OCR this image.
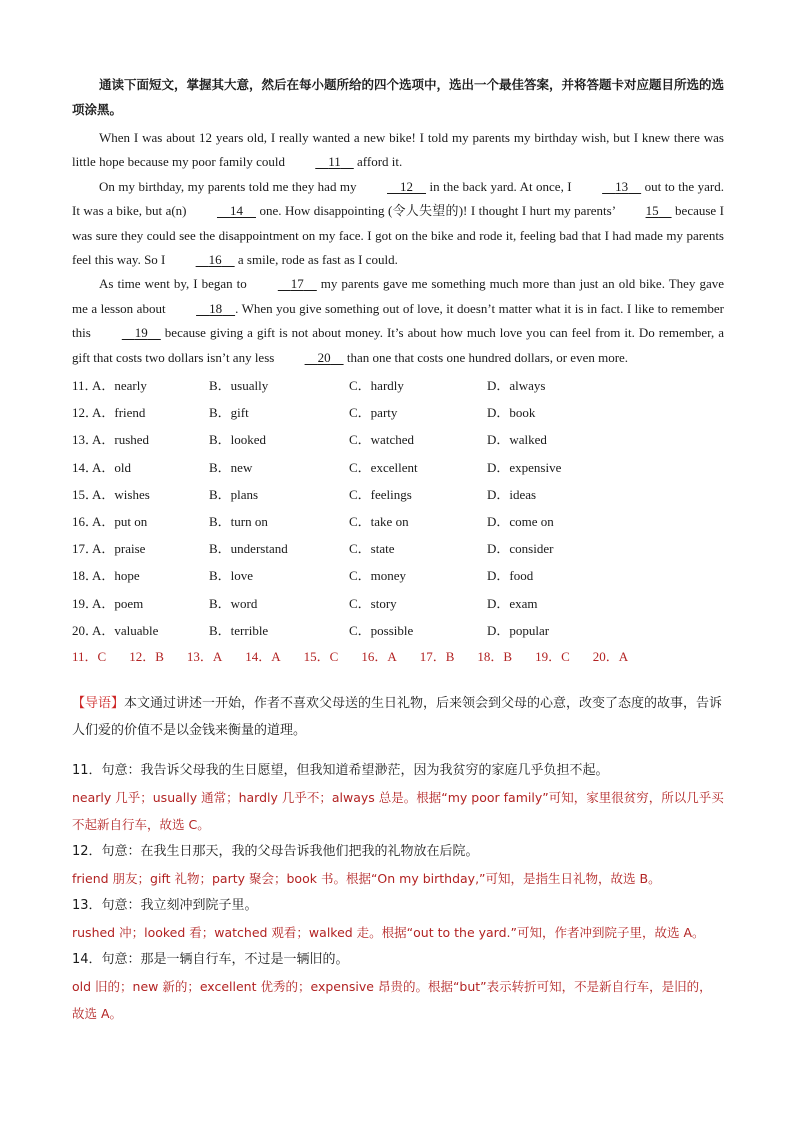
通读下面短文，掌握其大意，然后在每小题所给的四个选项中，选出一个最佳答案，并将答题卡对应题目所选的选项涂黑。

When I was about 12 years old, I really wanted a new bike! I told my parents my birthday wish, but I knew there was little hope because my poor family could	11     afford it.

On my birthday, my parents told me they had my	12     in the back yard. At once, I	13     out to the yard. It was a bike, but a(n)	14     one. How disappointing (令人失望的)! I thought I hurt my parents’ 15     because I was sure they could see the disappointment on my face. I got on the bike and rode it, feeling bad that I had made my parents feel this way. So I	16     a smile, rode as fast as I could.

As time went by, I began to	17     my parents gave me something much more than just an old bike. They gave me a lesson about	18 . When you give something out of love, it doesn’t matter what it is in fact. I like to remember this	19     because giving a gift is not about money. It’s about how much love you can feel from it. Do remember, a gift that costs two dollars isn’t any less	20     than one that costs one hundred dollars, or even more.

11．
A．nearly	B．usually	C．hardly	D．always
12．
A．friend	B．gift	C．party	D．book
13．
A．rushed	B．looked	C．watched	D．walked
14．
A．old	B．new	C．excellent	D．expensive
15．
A．wishes	B．plans	C．feelings	D．ideas
16．
A．put on	B．turn on	C．take on	D．come on
17．
A．praise	B．understand	C．state	D．consider
18．
A．hope	B．love	C．money	D．food
19．
A．poem	B．word	C．story	D．exam
20．
A．valuable	B．terrible	C．possible	D．popular
11．C 12．B 13．A 14．A 15．C 16．A 17．B 18．B 19．C 20．A

【导语】本文通过讲述一开始，作者不喜欢父母送的生日礼物，后来领会到父母的心意，改变了态度的故事，告诉人们爱的价值不是以金钱来衡量的道理。

11．句意：我告诉父母我的生日愿望，但我知道希望渺茫，因为我贫穷的家庭几乎负担不起。

nearly 几乎；usually 通常；hardly 几乎不；always 总是。根据“my poor family”可知，家里很贫穷，所以几乎买不起新自行车，故选 C。

12．句意：在我生日那天，我的父母告诉我他们把我的礼物放在后院。

friend 朋友；gift 礼物；party 聚会；book 书。根据“On my birthday,”可知，是指生日礼物，故选 B。

13．句意：我立刻冲到院子里。

rushed 冲；looked 看；watched 观看；walked 走。根据“out to the yard.”可知，作者冲到院子里，故选 A。

14．句意：那是一辆自行车，不过是一辆旧的。

old 旧的；new 新的；excellent 优秀的；expensive 昂贵的。根据“but”表示转折可知，不是新自行车，是旧的，故选 A。
